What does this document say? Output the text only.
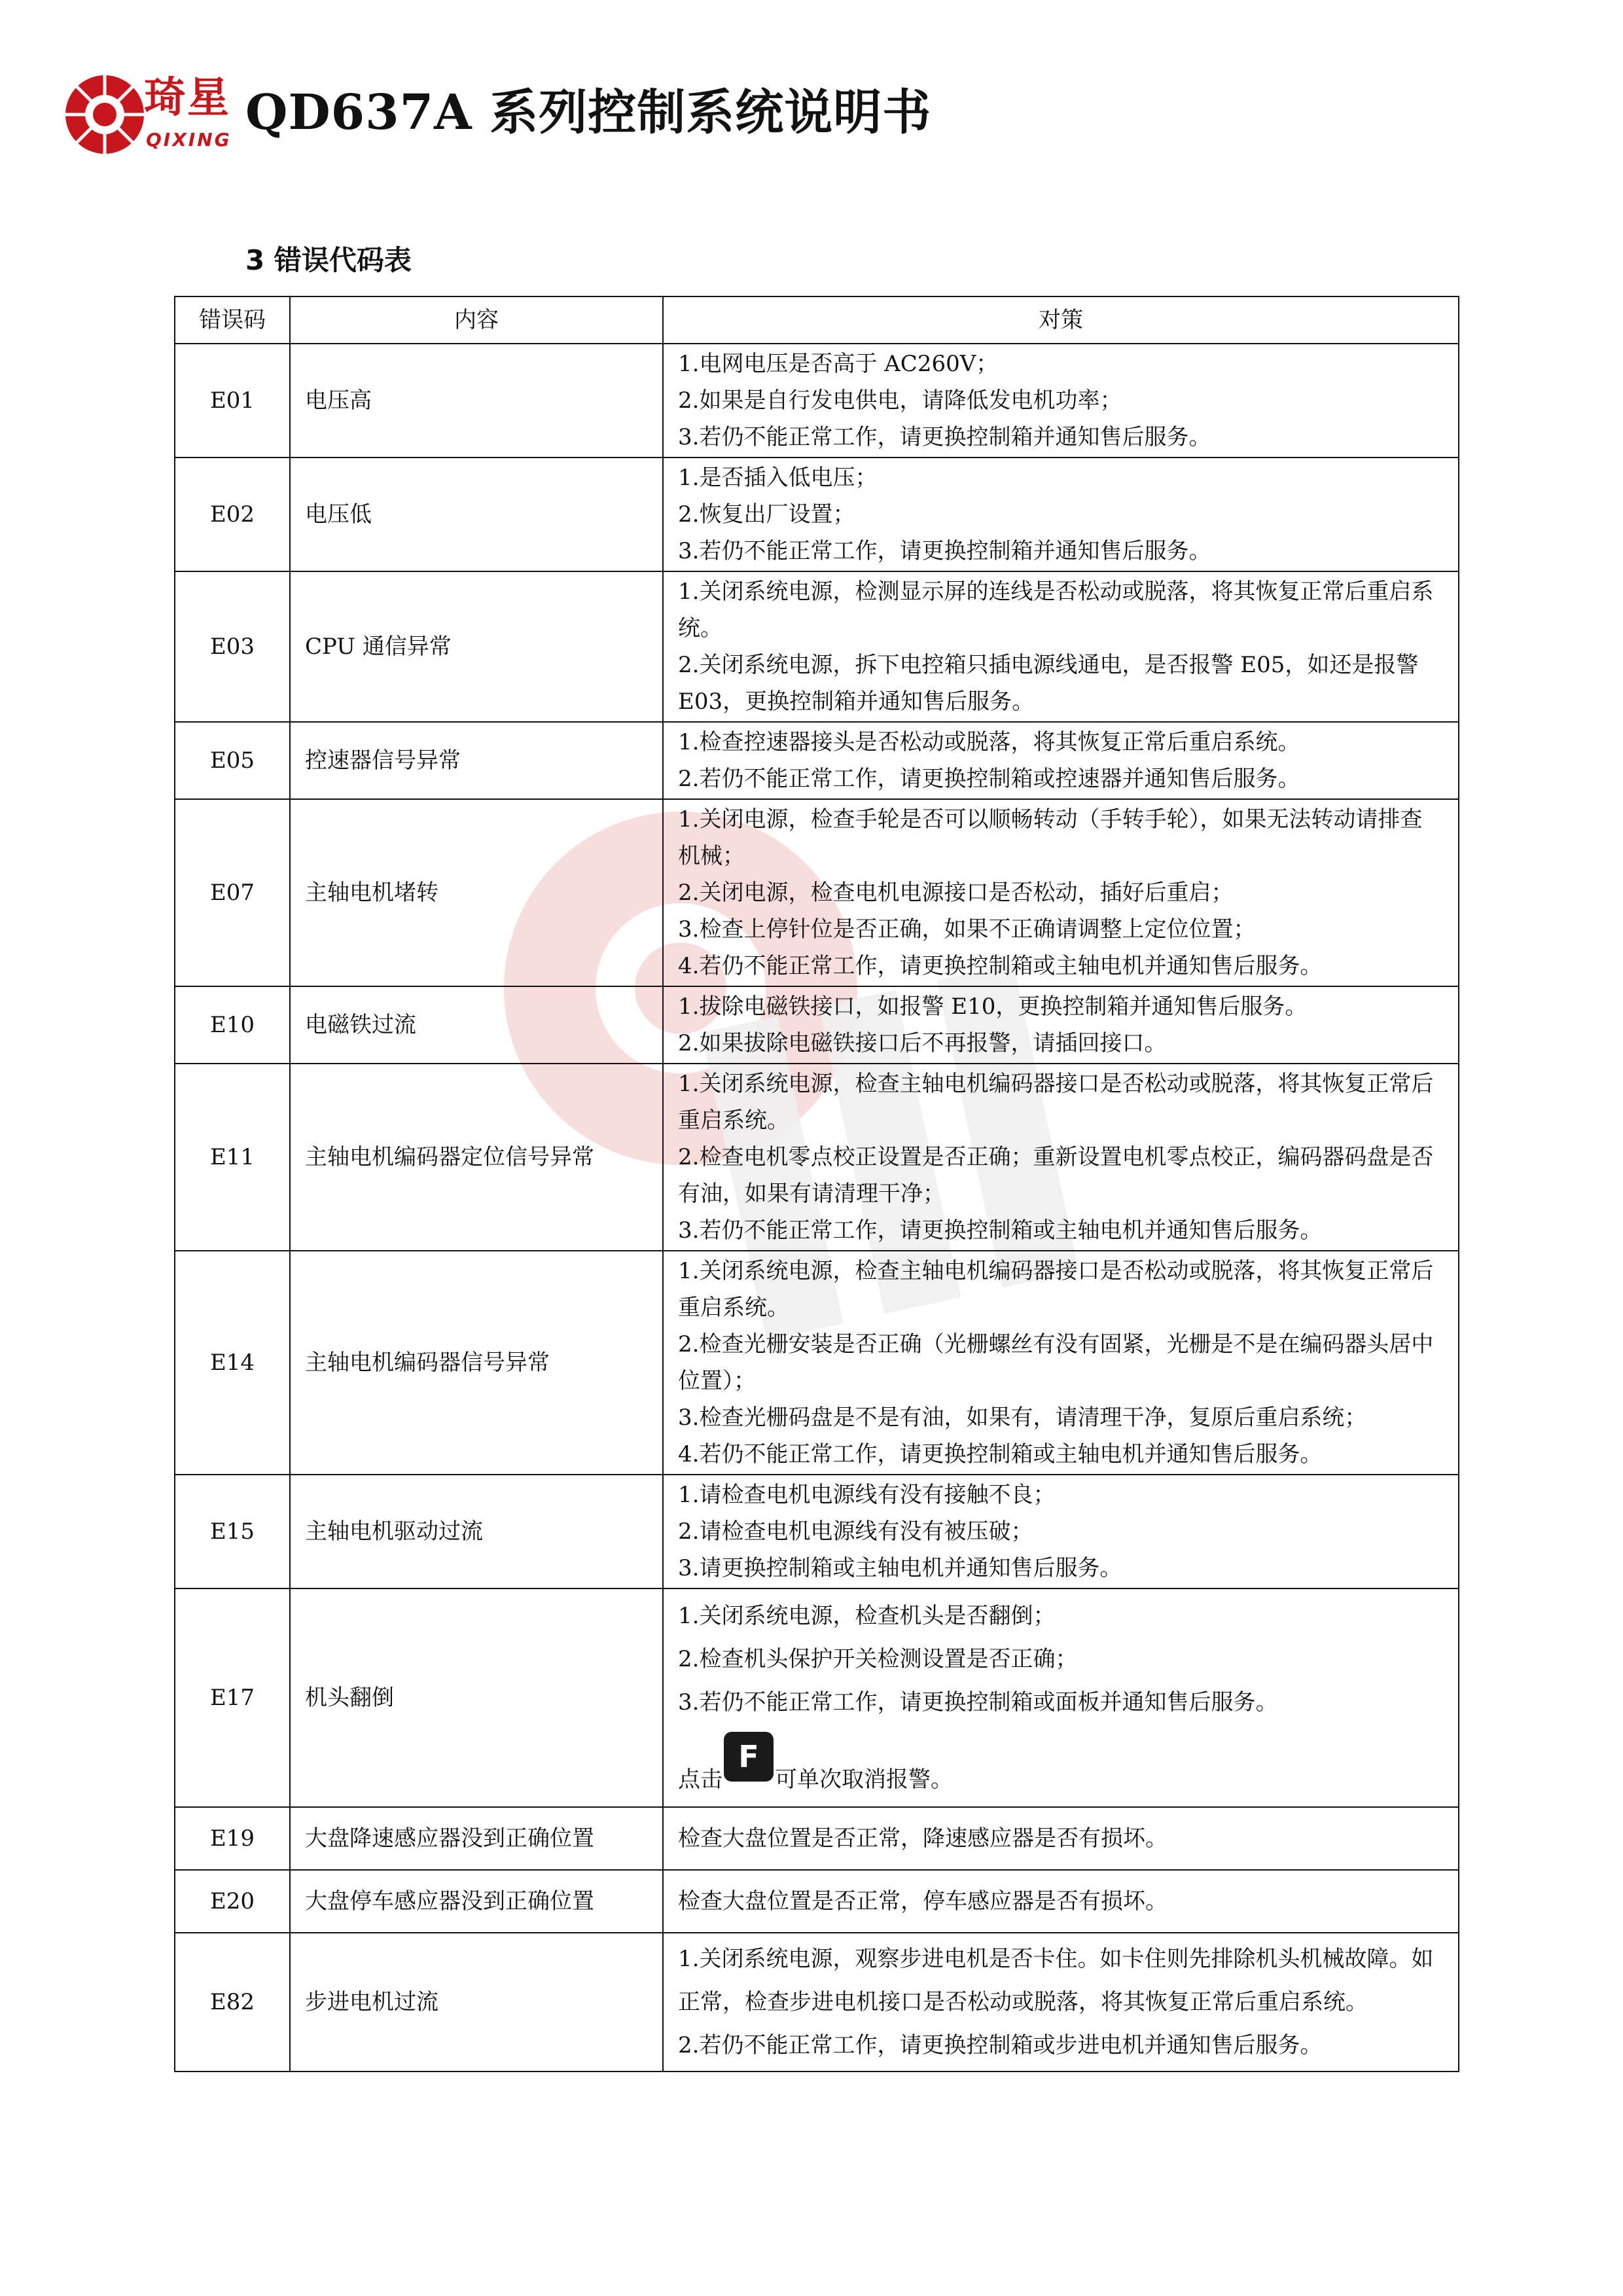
琦星
QIXING QD637A 系列控制系统说明书
3 错误代码表
错误码	内容	对策
E01	电压高	1.电网电压是否高于 AC260V；
2.如果是自行发电供电，请降低发电机功率；
3.若仍不能正常工作，请更换控制箱并通知售后服务。

E02	电压低	1.是否插入低电压；
2.恢复出厂设置；
3.若仍不能正常工作，请更换控制箱并通知售后服务。

E03	CPU 通信异常	1.关闭系统电源，检测显示屏的连线是否松动或脱落，将其恢复正常后重启系统。
2.关闭系统电源，拆下电控箱只插电源线通电，是否报警 E05，如还是报警 E03，更换控制箱并通知售后服务。

E05	控速器信号异常	1.检查控速器接头是否松动或脱落，将其恢复正常后重启系统。
2.若仍不能正常工作，请更换控制箱或控速器并通知售后服务。

E07	主轴电机堵转	1.关闭电源，检查手轮是否可以顺畅转动（手转手轮），如果无法转动请排查机械；
2.关闭电源，检查电机电源接口是否松动，插好后重启；
3.检查上停针位是否正确，如果不正确请调整上定位位置；
4.若仍不能正常工作，请更换控制箱或主轴电机并通知售后服务。

E10	电磁铁过流	1.拔除电磁铁接口，如报警 E10，更换控制箱并通知售后服务。
2.如果拔除电磁铁接口后不再报警，请插回接口。

E11	主轴电机编码器定位信号异常	1.关闭系统电源，检查主轴电机编码器接口是否松动或脱落，将其恢复正常后重启系统。
2.检查电机零点校正设置是否正确；重新设置电机零点校正，编码器码盘是否有油，如果有请清理干净；
3.若仍不能正常工作，请更换控制箱或主轴电机并通知售后服务。

E14	主轴电机编码器信号异常	1.关闭系统电源，检查主轴电机编码器接口是否松动或脱落，将其恢复正常后重启系统。
2.检查光栅安装是否正确（光栅螺丝有没有固紧，光栅是不是在编码器头居中位置）；
3.检查光栅码盘是不是有油，如果有，请清理干净，复原后重启系统；
4.若仍不能正常工作，请更换控制箱或主轴电机并通知售后服务。

E15	主轴电机驱动过流	1.请检查电机电源线有没有接触不良；
2.请检查电机电源线有没有被压破；
3.请更换控制箱或主轴电机并通知售后服务。

E17	机头翻倒	1.关闭系统电源，检查机头是否翻倒；
2.检查机头保护开关检测设置是否正确；
3.若仍不能正常工作，请更换控制箱或面板并通知售后服务。
点击F可单次取消报警。

E19	大盘降速感应器没到正确位置	检查大盘位置是否正常，降速感应器是否有损坏。

E20	大盘停车感应器没到正确位置	检查大盘位置是否正常，停车感应器是否有损坏。

E82	步进电机过流	1.关闭系统电源，观察步进电机是否卡住。如卡住则先排除机头机械故障。如正常，检查步进电机接口是否松动或脱落，将其恢复正常后重启系统。
2.若仍不能正常工作，请更换控制箱或步进电机并通知售后服务。
